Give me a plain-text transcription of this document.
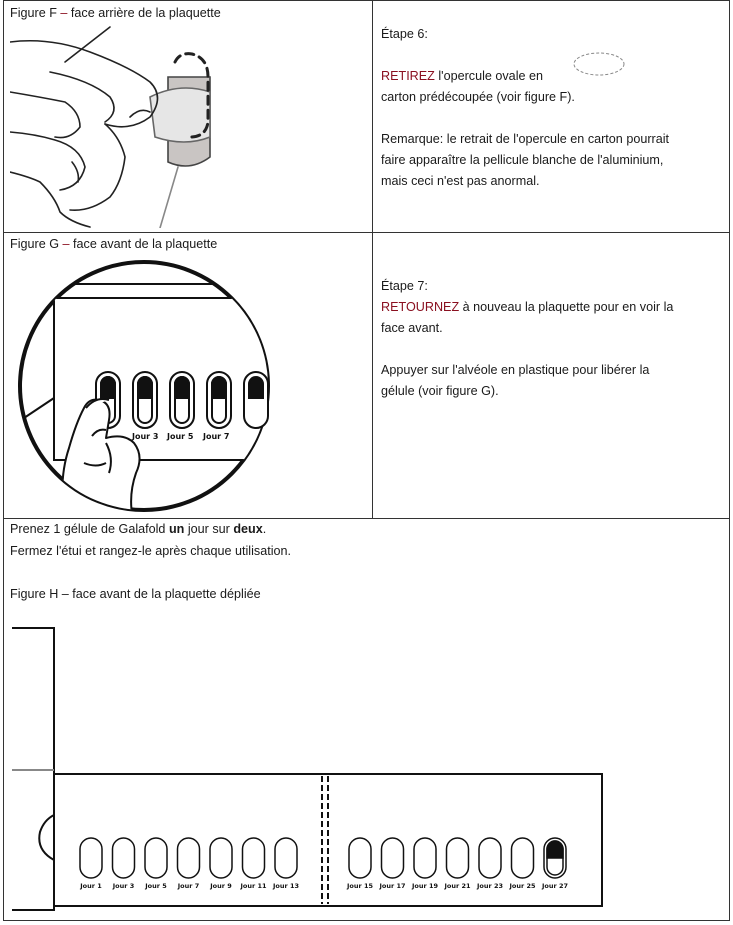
Figure F – face arrière de la plaquette
Étape 6:
RETIREZ l'opercule ovale en
carton prédécoupée (voir figure F).
Remarque: le retrait de l'opercule en carton pourrait
faire apparaître la pellicule blanche de l'aluminium,
mais ceci n'est pas anormal.
Figure G – face avant de la plaquette
Jour 3 Jour 5 Jour 7
Étape 7:
RETOURNEZ à nouveau la plaquette pour en voir la
face avant.
Appuyer sur l'alvéole en plastique pour libérer la
gélule (voir figure G).
Prenez 1 gélule de Galafold un jour sur deux.
Fermez l'étui et rangez-le après chaque utilisation.
Figure H – face avant de la plaquette dépliée
Jour 1 Jour 3 Jour 5 Jour 7 Jour 9 Jour 11 Jour 13	Jour 15 Jour 17 Jour 19 Jour 21 Jour 23 Jour 25 Jour 27
